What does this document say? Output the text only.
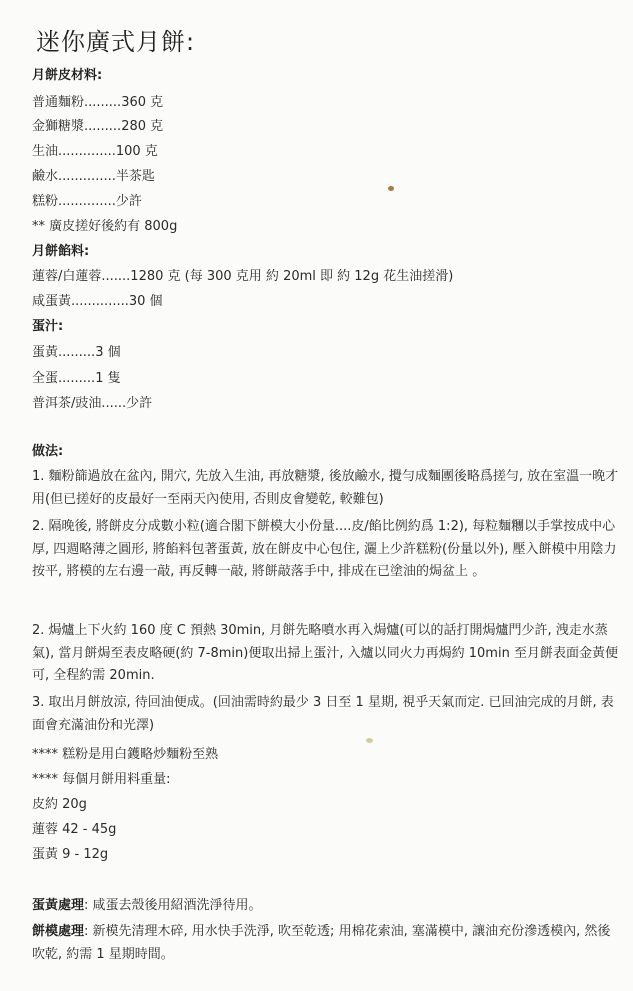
迷你廣式月餅:
月餅皮材料:
普通麵粉.........360 克
金獅糖漿.........280 克
生油..............100 克
鹼水..............半茶匙
糕粉..............少許
** 廣皮搓好後約有 800g
月餅餡料:
蓮蓉/白蓮蓉.......1280 克 (每 300 克用 約 20ml 即 約 12g 花生油搓滑)
咸蛋黃..............30 個
蛋汁:
蛋黃.........3 個
全蛋.........1 隻
普洱茶/豉油......少許
做法:
1. 麵粉篩過放在盆內, 開穴, 先放入生油, 再放糖漿, 後放鹼水, 攪勻成麵團後略爲搓勻, 放在室溫一晚才用(但已搓好的皮最好一至兩天內使用, 否則皮會變乾, 較難包)
2. 隔晚後, 將餅皮分成數小粒(適合閣下餅模大小份量....皮/餡比例約爲 1:2), 每粒麵糰以手掌按成中心厚, 四週略薄之圓形, 將餡料包著蛋黃, 放在餅皮中心包住, 灑上少許糕粉(份量以外), 壓入餅模中用陰力按平, 將模的左右邊一敲, 再反轉一敲, 將餅敲落手中, 排成在已塗油的焗盆上 。
2. 焗爐上下火約 160 度 C 預熱 30min, 月餅先略噴水再入焗爐(可以的話打開焗爐門少許, 洩走水蒸氣), 當月餅焗至表皮略硬(約 7-8min)便取出掃上蛋汁, 入爐以同火力再焗約 10min 至月餅表面金黃便可, 全程約需 20min.
3. 取出月餅放涼, 待回油便成。(回油需時約最少 3 日至 1 星期, 視乎天氣而定. 已回油完成的月餅, 表面會充滿油份和光澤)
**** 糕粉是用白鑊略炒麵粉至熟
**** 每個月餅用料重量:
皮約 20g
蓮蓉 42 - 45g
蛋黃 9 - 12g
蛋黃處理: 咸蛋去殼後用紹酒洗淨待用。
餅模處理: 新模先清理木碎, 用水快手洗淨, 吹至乾透; 用棉花索油, 塞滿模中, 讓油充份滲透模內, 然後吹乾, 約需 1 星期時間。
